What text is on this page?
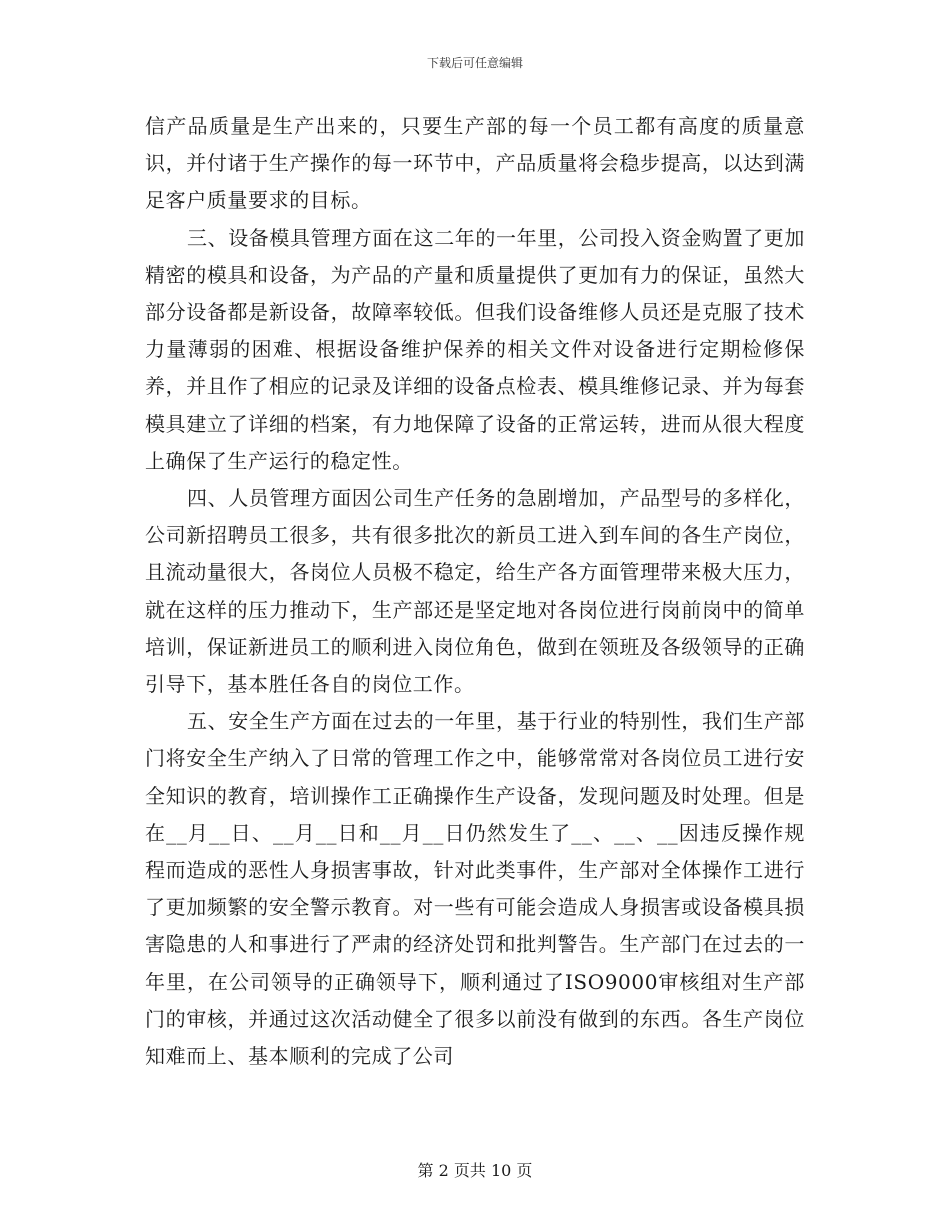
下载后可任意编辑

信产品质量是生产出来的，只要生产部的每一个员工都有高度的质量意识，并付诸于生产操作的每一环节中，产品质量将会稳步提高，以达到满足客户质量要求的目标。

三、设备模具管理方面在这二年的一年里，公司投入资金购置了更加精密的模具和设备，为产品的产量和质量提供了更加有力的保证，虽然大部分设备都是新设备，故障率较低。但我们设备维修人员还是克服了技术力量薄弱的困难、根据设备维护保养的相关文件对设备进行定期检修保养，并且作了相应的记录及详细的设备点检表、模具维修记录、并为每套模具建立了详细的档案，有力地保障了设备的正常运转，进而从很大程度上确保了生产运行的稳定性。

四、人员管理方面因公司生产任务的急剧增加，产品型号的多样化，公司新招聘员工很多，共有很多批次的新员工进入到车间的各生产岗位，且流动量很大，各岗位人员极不稳定，给生产各方面管理带来极大压力，就在这样的压力推动下，生产部还是坚定地对各岗位进行岗前岗中的简单培训，保证新进员工的顺利进入岗位角色，做到在领班及各级领导的正确引导下，基本胜任各自的岗位工作。

五、安全生产方面在过去的一年里，基于行业的特别性，我们生产部门将安全生产纳入了日常的管理工作之中，能够常常对各岗位员工进行安全知识的教育，培训操作工正确操作生产设备，发现问题及时处理。但是在__月__日、__月__日和__月__日仍然发生了__、__、__因违反操作规程而造成的恶性人身损害事故，针对此类事件，生产部对全体操作工进行了更加频繁的安全警示教育。对一些有可能会造成人身损害或设备模具损害隐患的人和事进行了严肃的经济处罚和批判警告。生产部门在过去的一年里，在公司领导的正确领导下，顺利通过了ISO9000审核组对生产部门的审核，并通过这次活动健全了很多以前没有做到的东西。各生产岗位知难而上、基本顺利的完成了公司

第 2 页共 10 页
